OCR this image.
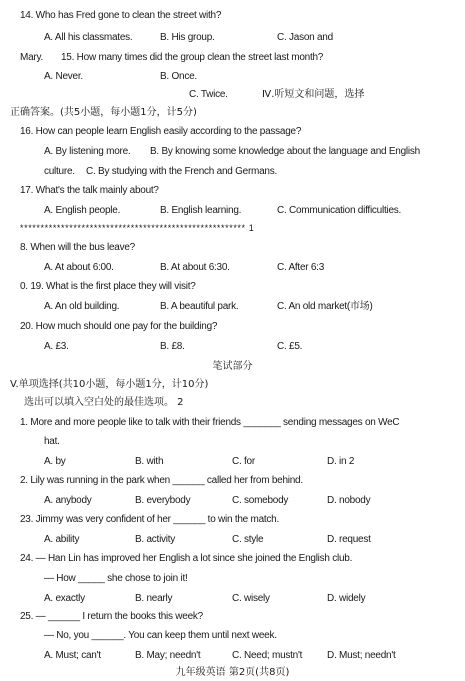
14. Who has Fred gone to clean the street with?
A. All his classmates.	B. His group.	C. Jason and
Mary. 15. How many times did the group clean the street last month?
A. Never.	B. Once.
C. Twice.	Ⅳ.听短文和问题，选择
正确答案。(共5小题，每小题1分，计5分)
16. How can people learn English easily according to the passage?
A. By listening more. B. By knowing some knowledge about the language and English
culture. C. By studying with the French and Germans.
17. What's the talk mainly about?
A. English people.	B. English learning.	C. Communication difficulties.
******************************************************* 1
8. When will the bus leave?
A. At about 6:00.	B. At about 6:30.	C. After 6:3
0. 19. What is the first place they will visit?
A. An old building.	B. A beautiful park.	C. An old market(市场)
20. How much should one pay for the building?
A. £3.	B. £8.	C. £5.
笔试部分
V.单项选择(共10小题，每小题1分，计10分)
选出可以填入空白处的最佳选项。 2
1. More and more people like to talk with their friends _______ sending messages on WeC
hat.
A. by	B. with	C. for	D. in 2
2. Lily was running in the park when ______ called her from behind.
A. anybody	B. everybody	C. somebody	D. nobody
23. Jimmy was very confident of her ______ to win the match.
A. ability	B. activity	C. style	D. request
24. — Han Lin has improved her English a lot since she joined the English club.
— How _____ she chose to join it!
A. exactly	B. nearly	C. wisely	D. widely
25. — ______ I return the books this week?
— No, you ______. You can keep them until next week.
A. Must; can't	B. May; needn't	C. Need; mustn't D. Must; needn't
九年级英语 第2页(共8页)
